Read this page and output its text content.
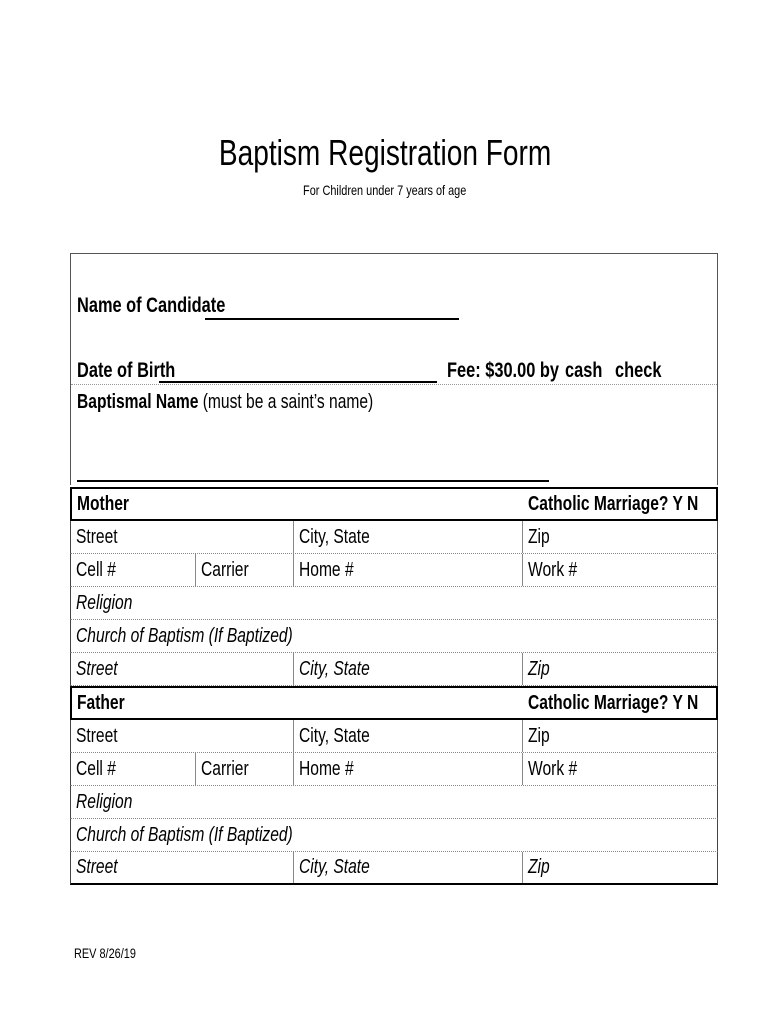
Baptism Registration Form
For Children under 7 years of age
Name of Candidate
Date of Birth	Fee: $30.00 by cash check
Baptismal Name (must be a saint’s name)
Mother	Catholic Marriage? Y N
Street	City, State	Zip
Cell #	Carrier	Home #	Work #
Religion
Church of Baptism (If Baptized)
Street	City, State	Zip
Father	Catholic Marriage? Y N
Street	City, State	Zip
Cell #	Carrier	Home #	Work #
Religion
Church of Baptism (If Baptized)
Street	City, State	Zip
REV 8/26/19
